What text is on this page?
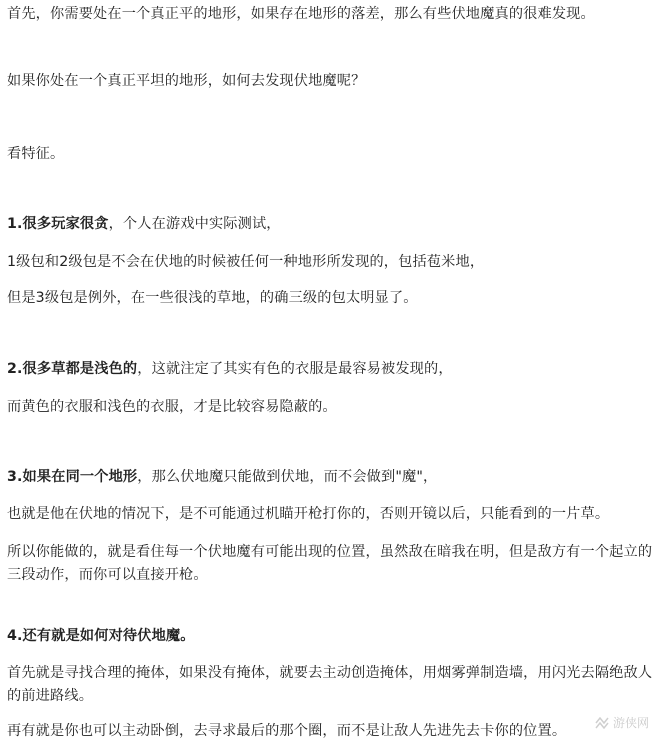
首先，你需要处在一个真正平的地形，如果存在地形的落差，那么有些伏地魔真的很难发现。
如果你处在一个真正平坦的地形，如何去发现伏地魔呢？
看特征。
1.很多玩家很贪，个人在游戏中实际测试，
1级包和2级包是不会在伏地的时候被任何一种地形所发现的，包括苞米地，
但是3级包是例外，在一些很浅的草地，的确三级的包太明显了。
2.很多草都是浅色的，这就注定了其实有色的衣服是最容易被发现的，
而黄色的衣服和浅色的衣服，才是比较容易隐蔽的。
3.如果在同一个地形，那么伏地魔只能做到伏地，而不会做到"魔"，
也就是他在伏地的情况下，是不可能通过机瞄开枪打你的，否则开镜以后，只能看到的一片草。
所以你能做的，就是看住每一个伏地魔有可能出现的位置，虽然敌在暗我在明，但是敌方有一个起立的三段动作，而你可以直接开枪。
4.还有就是如何对待伏地魔。
首先就是寻找合理的掩体，如果没有掩体，就要去主动创造掩体，用烟雾弹制造墙，用闪光去隔绝敌人的前进路线。
再有就是你也可以主动卧倒，去寻求最后的那个圈，而不是让敌人先进先去卡你的位置。	游侠网
